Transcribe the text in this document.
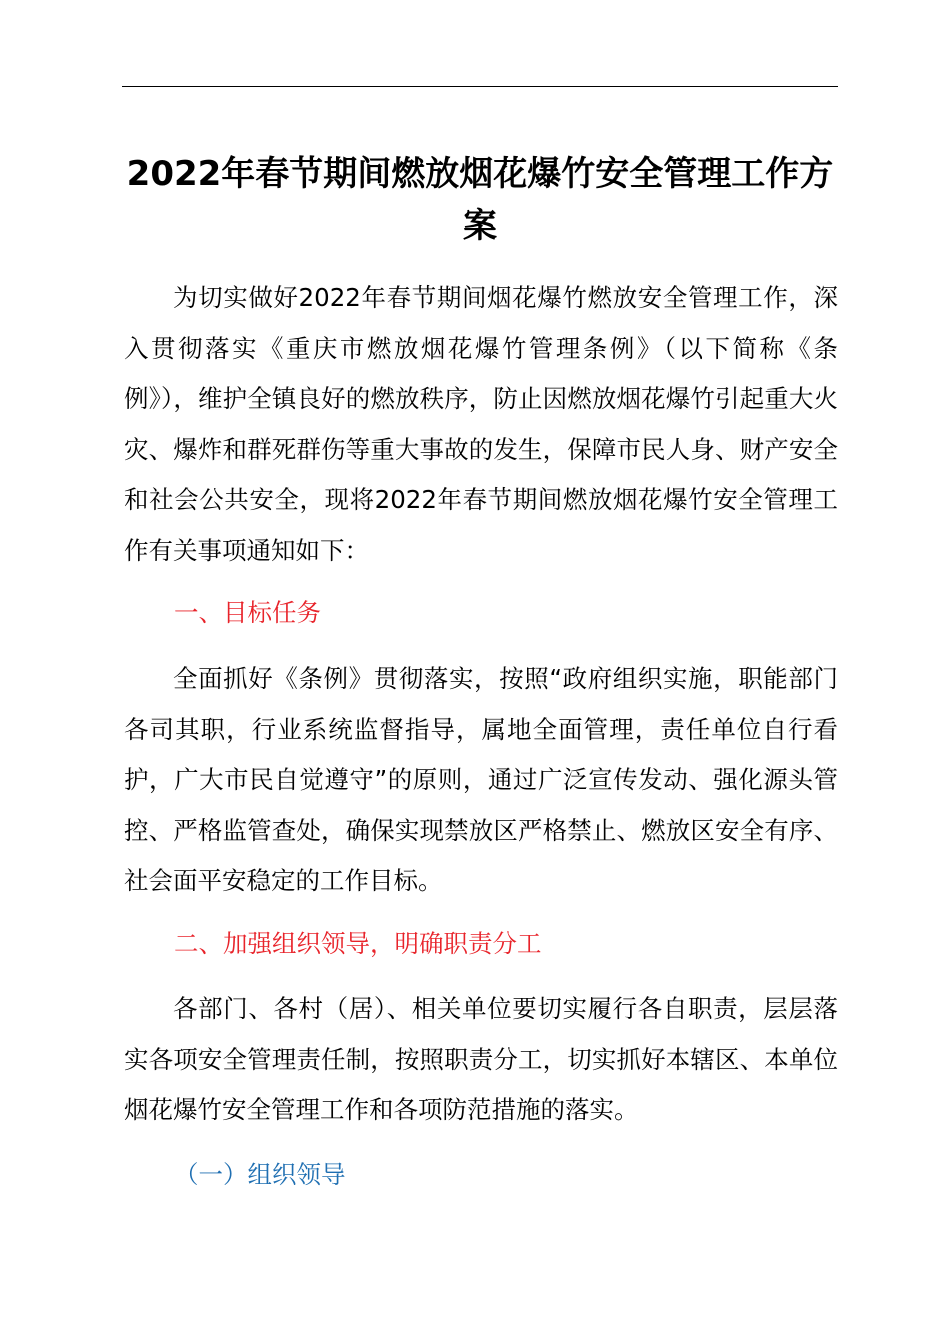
2022年春节期间燃放烟花爆竹安全管理工作方案

为切实做好2022年春节期间烟花爆竹燃放安全管理工作，深入贯彻落实《重庆市燃放烟花爆竹管理条例》（以下简称《条例》），维护全镇良好的燃放秩序，防止因燃放烟花爆竹引起重大火灾、爆炸和群死群伤等重大事故的发生，保障市民人身、财产安全和社会公共安全，现将2022年春节期间燃放烟花爆竹安全管理工作有关事项通知如下：

一、目标任务

全面抓好《条例》贯彻落实，按照“政府组织实施，职能部门各司其职，行业系统监督指导，属地全面管理，责任单位自行看护，广大市民自觉遵守”的原则，通过广泛宣传发动、强化源头管控、严格监管查处，确保实现禁放区严格禁止、燃放区安全有序、社会面平安稳定的工作目标。

二、加强组织领导，明确职责分工

各部门、各村（居）、相关单位要切实履行各自职责，层层落实各项安全管理责任制，按照职责分工，切实抓好本辖区、本单位烟花爆竹安全管理工作和各项防范措施的落实。

（一）组织领导
